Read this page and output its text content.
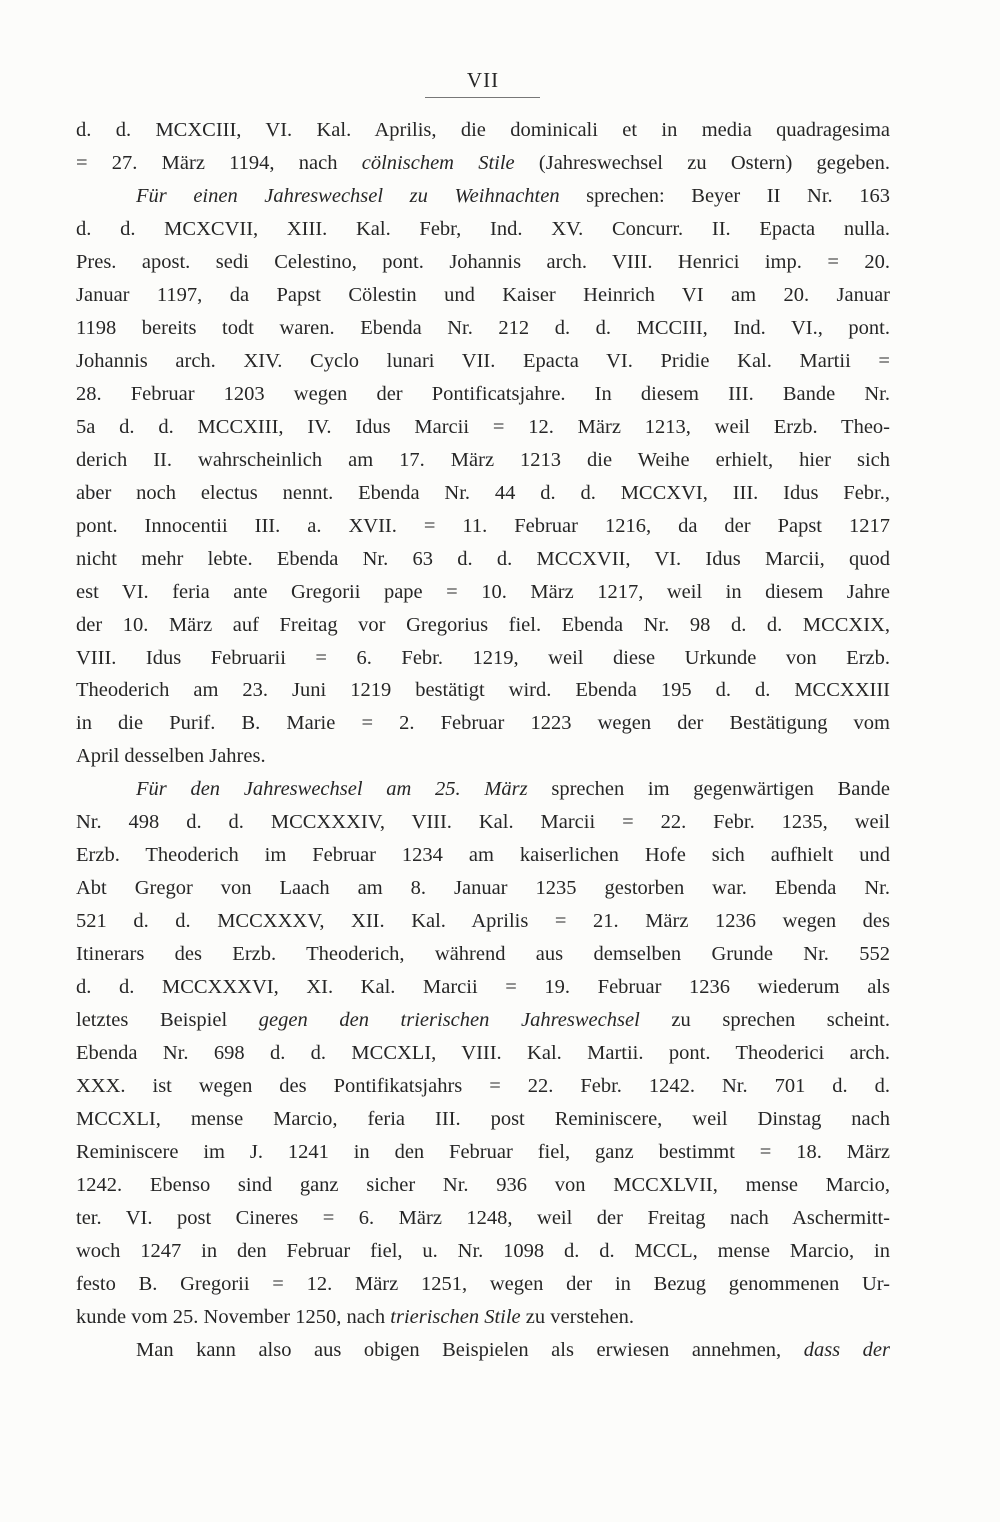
VII
d. d. MCXCIII, VI. Kal. Aprilis, die dominicali et in media quadragesima
= 27. März 1194, nach cölnischem Stile (Jahreswechsel zu Ostern) gegeben.
Für einen Jahreswechsel zu Weihnachten sprechen: Beyer II Nr. 163
d. d. MCXCVII, XIII. Kal. Febr, Ind. XV. Concurr. II. Epacta nulla.
Pres. apost. sedi Celestino, pont. Johannis arch. VIII. Henrici imp. = 20.
Januar 1197, da Papst Cölestin und Kaiser Heinrich VI am 20. Januar
1198 bereits todt waren. Ebenda Nr. 212 d. d. MCCIII, Ind. VI., pont.
Johannis arch. XIV. Cyclo lunari VII. Epacta VI. Pridie Kal. Martii =
28. Februar 1203 wegen der Pontificatsjahre. In diesem III. Bande Nr.
5a d. d. MCCXIII, IV. Idus Marcii = 12. März 1213, weil Erzb. Theo-
derich II. wahrscheinlich am 17. März 1213 die Weihe erhielt, hier sich
aber noch electus nennt. Ebenda Nr. 44 d. d. MCCXVI, III. Idus Febr.,
pont. Innocentii III. a. XVII. = 11. Februar 1216, da der Papst 1217
nicht mehr lebte. Ebenda Nr. 63 d. d. MCCXVII, VI. Idus Marcii, quod
est VI. feria ante Gregorii pape = 10. März 1217, weil in diesem Jahre
der 10. März auf Freitag vor Gregorius fiel. Ebenda Nr. 98 d. d. MCCXIX,
VIII. Idus Februarii = 6. Febr. 1219, weil diese Urkunde von Erzb.
Theoderich am 23. Juni 1219 bestätigt wird. Ebenda 195 d. d. MCCXXIII
in die Purif. B. Marie = 2. Februar 1223 wegen der Bestätigung vom
April desselben Jahres.
Für den Jahreswechsel am 25. März sprechen im gegenwärtigen Bande
Nr. 498 d. d. MCCXXXIV, VIII. Kal. Marcii = 22. Febr. 1235, weil
Erzb. Theoderich im Februar 1234 am kaiserlichen Hofe sich aufhielt und
Abt Gregor von Laach am 8. Januar 1235 gestorben war. Ebenda Nr.
521 d. d. MCCXXXV, XII. Kal. Aprilis = 21. März 1236 wegen des
Itinerars des Erzb. Theoderich, während aus demselben Grunde Nr. 552
d. d. MCCXXXVI, XI. Kal. Marcii = 19. Februar 1236 wiederum als
letztes Beispiel gegen den trierischen Jahreswechsel zu sprechen scheint.
Ebenda Nr. 698 d. d. MCCXLI, VIII. Kal. Martii. pont. Theoderici arch.
XXX. ist wegen des Pontifikatsjahrs = 22. Febr. 1242. Nr. 701 d. d.
MCCXLI, mense Marcio, feria III. post Reminiscere, weil Dinstag nach
Reminiscere im J. 1241 in den Februar fiel, ganz bestimmt = 18. März
1242. Ebenso sind ganz sicher Nr. 936 von MCCXLVII, mense Marcio,
ter. VI. post Cineres = 6. März 1248, weil der Freitag nach Aschermitt-
woch 1247 in den Februar fiel, u. Nr. 1098 d. d. MCCL, mense Marcio, in
festo B. Gregorii = 12. März 1251, wegen der in Bezug genommenen Ur-
kunde vom 25. November 1250, nach trierischen Stile zu verstehen.
Man kann also aus obigen Beispielen als erwiesen annehmen, dass der
